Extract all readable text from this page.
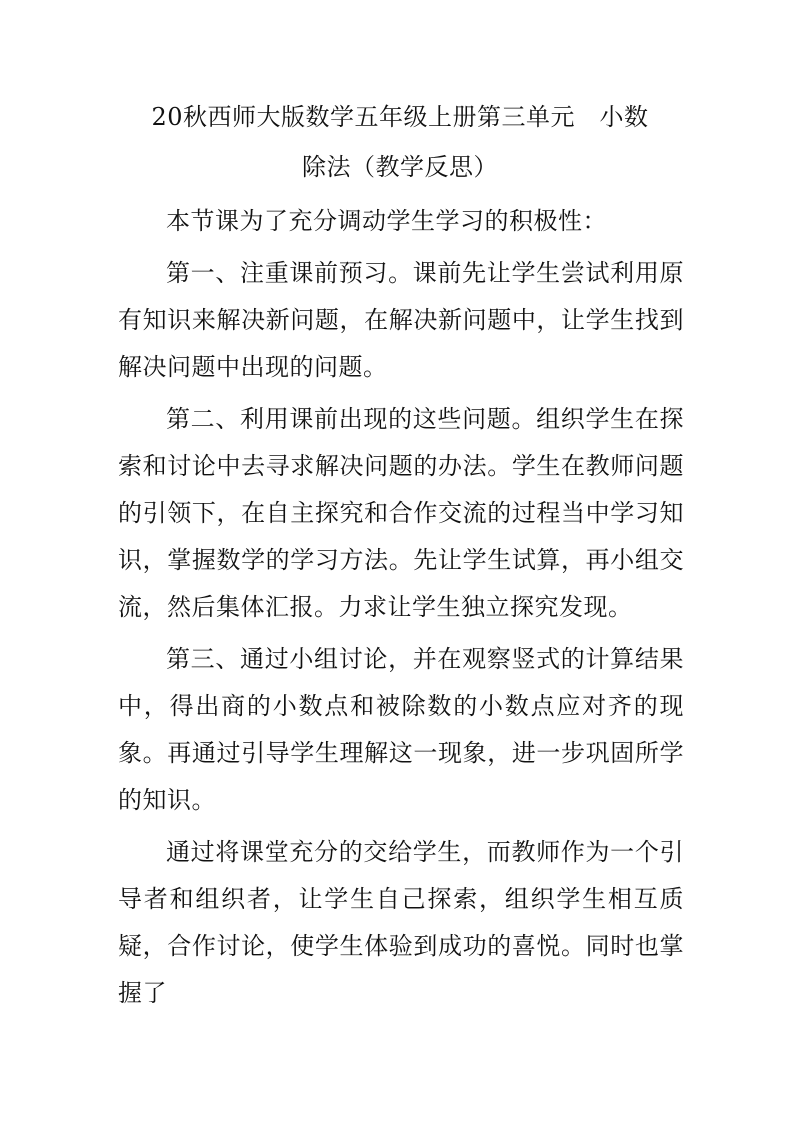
20秋西师大版数学五年级上册第三单元　小数
除法（教学反思）

本节课为了充分调动学生学习的积极性：

第一、注重课前预习。课前先让学生尝试利用原有知识来解决新问题，在解决新问题中，让学生找到解决问题中出现的问题。

第二、利用课前出现的这些问题。组织学生在探索和讨论中去寻求解决问题的办法。学生在教师问题的引领下，在自主探究和合作交流的过程当中学习知识，掌握数学的学习方法。先让学生试算，再小组交流，然后集体汇报。力求让学生独立探究发现。

第三、通过小组讨论，并在观察竖式的计算结果中，得出商的小数点和被除数的小数点应对齐的现象。再通过引导学生理解这一现象，进一步巩固所学的知识。

通过将课堂充分的交给学生，而教师作为一个引导者和组织者，让学生自己探索，组织学生相互质疑，合作讨论，使学生体验到成功的喜悦。同时也掌握了
